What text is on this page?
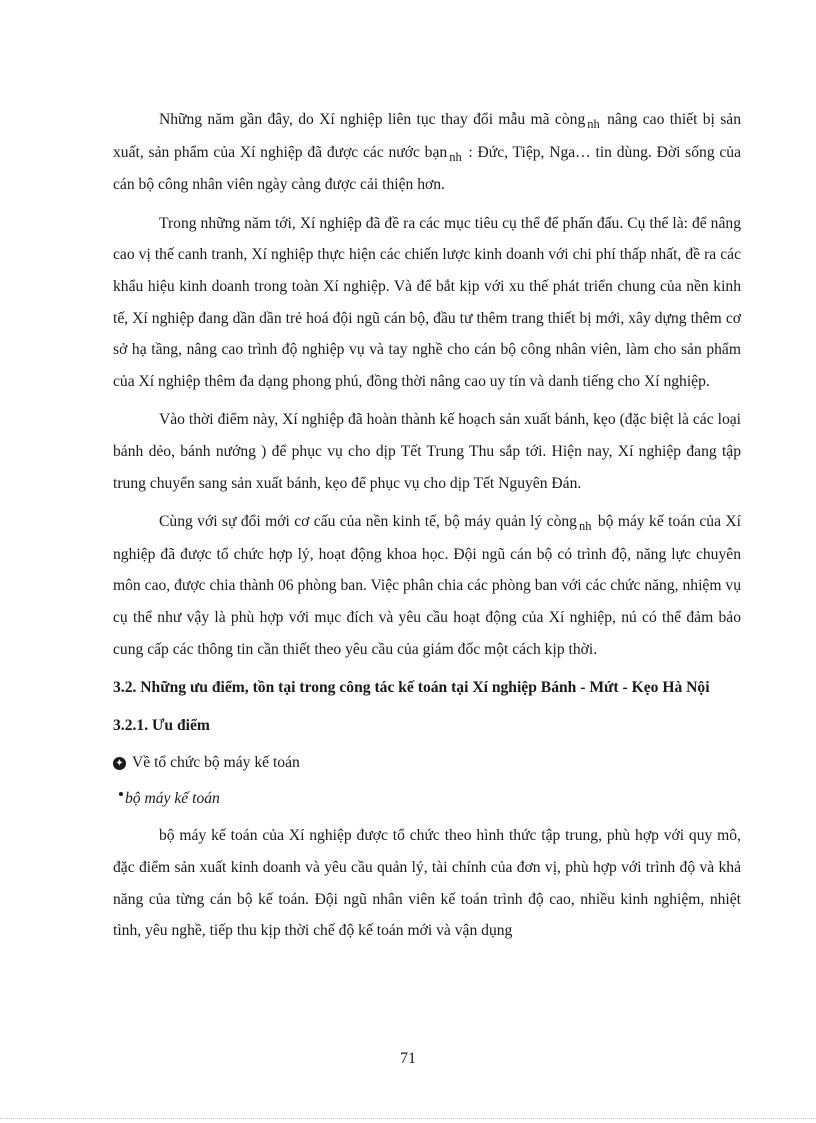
Những năm gần đây, do Xí nghiệp liên tục thay đổi mẫu mã còng $_{nh}$ nâng cao thiết bị sản xuất, sản phẩm của Xí nghiệp đã được các nước bạn $_{nh}$ : Đức, Tiệp, Nga… tin dùng. Đời sống của cán bộ công nhân viên ngày càng được cải thiện hơn.

Trong những năm tới, Xí nghiệp đã đề ra các mục tiêu cụ thể để phấn đấu. Cụ thể là: để nâng cao vị thế canh tranh, Xí nghiệp thực hiện các chiến lược kinh doanh với chi phí thấp nhất, đề ra các khẩu hiệu kinh doanh trong toàn Xí nghiệp. Và để bắt kịp với xu thế phát triển chung của nền kinh tế, Xí nghiệp đang dần dần trẻ hoá đội ngũ cán bộ, đầu tư thêm trang thiết bị mới, xây dựng thêm cơ sở hạ tầng, nâng cao trình độ nghiệp vụ và tay nghề cho cán bộ công nhân viên, làm cho sản phẩm của Xí nghiệp thêm đa dạng phong phú, đồng thời nâng cao uy tín và danh tiếng cho Xí nghiệp.

Vào thời điểm này, Xí nghiệp đã hoàn thành kế hoạch sản xuất bánh, kẹo (đặc biệt là các loại bánh dẻo, bánh nướng ) để phục vụ cho dịp Tết Trung Thu sắp tới. Hiện nay, Xí nghiệp đang tập trung chuyển sang sản xuất bánh, kẹo để phục vụ cho dịp Tết Nguyên Đán.

Cùng với sự đổi mới cơ cấu của nền kinh tế, bộ máy quản lý còng $_{nh}$ bộ máy kế toán của Xí nghiệp đã được tổ chức hợp lý, hoạt động khoa học. Đội ngũ cán bộ có trình độ, năng lực chuyên môn cao, được chia thành 06 phòng ban. Việc phân chia các phòng ban với các chức năng, nhiệm vụ cụ thể như vậy là phù hợp với mục đích và yêu cầu hoạt động của Xí nghiệp, nú có thể đảm bảo cung cấp các thông tin cần thiết theo yêu cầu của giám đốc một cách kịp thời.

3.2. Những ưu điểm, tồn tại trong công tác kế toán tại Xí nghiệp Bánh - Mứt - Kẹo Hà Nội

3.2.1. Ưu điểm

✦ Về tổ chức bộ máy kế toán
bộ máy kế toán

bộ máy kế toán của Xí nghiệp được tổ chức theo hình thức tập trung, phù hợp với quy mô, đặc điểm sản xuất kinh doanh và yêu cầu quản lý, tài chính của đơn vị, phù hợp với trình độ và khả năng của từng cán bộ kế toán. Đội ngũ nhân viên kế toán trình độ cao, nhiều kinh nghiệm, nhiệt tình, yêu nghề, tiếp thu kịp thời chế độ kế toán mới và vận dụng

71
